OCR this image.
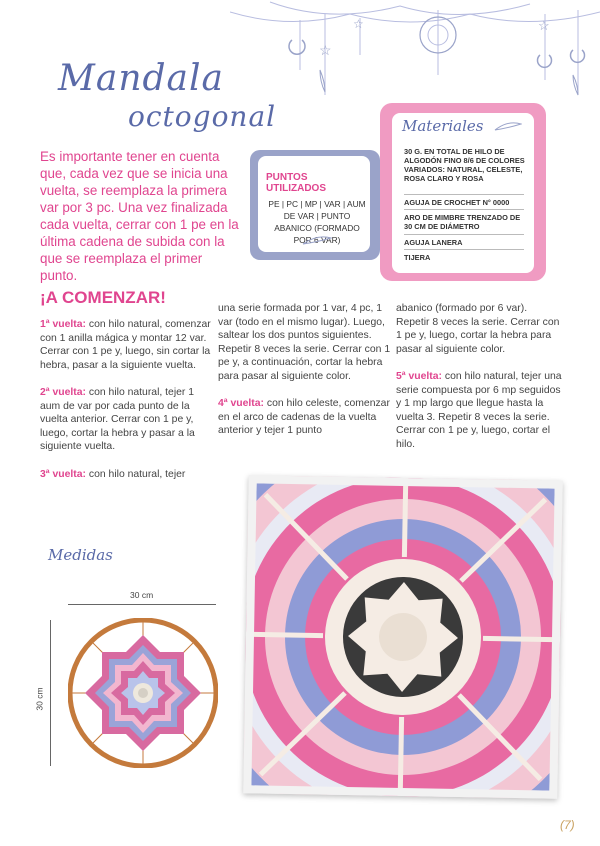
☆
☆	☆
Mandala
octogonal
Es importante tener en cuenta que, cada vez que se inicia una vuelta, se reemplaza la primera var por 3 pc. Una vez finalizada cada vuelta, cerrar con 1 pe en la última cadena de subida con la que se reemplaza el primer punto.
PUNTOS
UTILIZADOS
PE | PC | MP | VAR | AUM DE VAR | PUNTO ABANICO (FORMADO POR 6 VAR)
Materiales
30 G. EN TOTAL DE HILO DE ALGODÓN FINO 8/6 DE COLORES VARIADOS: NATURAL, CELESTE, ROSA CLARO Y ROSA
AGUJA DE CROCHET N° 0000
ARO DE MIMBRE TRENZADO DE 30 CM DE DIÁMETRO
AGUJA LANERA
TIJERA
¡A COMENZAR!

1ª vuelta: con hilo natural, comenzar con 1 anilla mágica y montar 12 var. Cerrar con 1 pe y, luego, sin cortar la hebra, pasar a la siguiente vuelta.

2ª vuelta: con hilo natural, tejer 1 aum de var por cada punto de la vuelta anterior. Cerrar con 1 pe y, luego, cortar la hebra y pasar a la siguiente vuelta.

3ª vuelta: con hilo natural, tejer

una serie formada por 1 var, 4 pc, 1 var (todo en el mismo lugar). Luego, saltear los dos puntos siguientes. Repetir 8 veces la serie. Cerrar con 1 pe y, a continuación, cortar la hebra para pasar al siguiente color.

4ª vuelta: con hilo celeste, comenzar en el arco de cadenas de la vuelta anterior y tejer 1 punto

abanico (formado por 6 var). Repetir 8 veces la serie. Cerrar con 1 pe y, luego, cortar la hebra para pasar al siguiente color.

5ª vuelta: con hilo natural, tejer una serie compuesta por 6 mp seguidos y 1 mp largo que llegue hasta la vuelta 3. Repetir 8 veces la serie. Cerrar con 1 pe y, luego, cortar el hilo.

Medidas
30 cm
30 cm
(7)
